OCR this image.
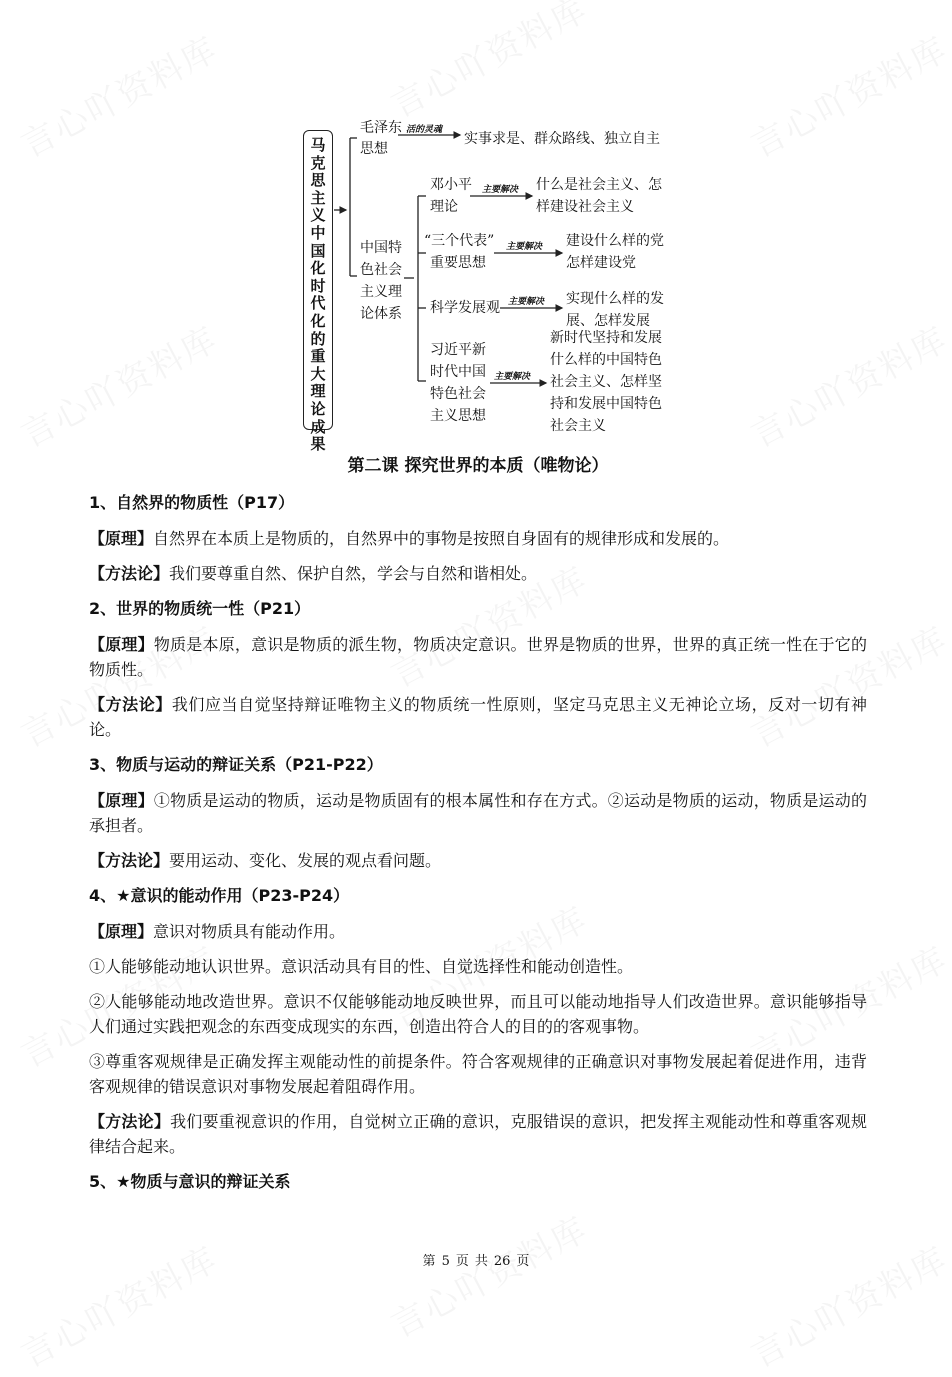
马克思主义中国化时代化的重大理论成果
毛泽东
思想
活的灵魂
实事求是、群众路线、独立自主
中国特
色社会
主义理
论体系
邓小平
理论
主要解决 什么是社会主义、怎
样建设社会主义
“三个代表”
重要思想
主要解决 建设什么样的党
怎样建设党
科学发展观 主要解决 实现什么样的发
展、怎样发展
习近平新
时代中国
特色社会
主义思想
主要解决
新时代坚持和发展
什么样的中国特色
社会主义、怎样坚
持和发展中国特色
社会主义
第二课 探究世界的本质（唯物论）
1、自然界的物质性（P17）

【原理】自然界在本质上是物质的，自然界中的事物是按照自身固有的规律形成和发展的。

【方法论】我们要尊重自然、保护自然，学会与自然和谐相处。

2、世界的物质统一性（P21）

【原理】物质是本原，意识是物质的派生物，物质决定意识。世界是物质的世界，世界的真正统一性在于它的物质性。

【方法论】我们应当自觉坚持辩证唯物主义的物质统一性原则，坚定马克思主义无神论立场，反对一切有神论。

3、物质与运动的辩证关系（P21-P22）

【原理】①物质是运动的物质，运动是物质固有的根本属性和存在方式。②运动是物质的运动，物质是运动的承担者。

【方法论】要用运动、变化、发展的观点看问题。

4、★意识的能动作用（P23-P24）

【原理】意识对物质具有能动作用。

①人能够能动地认识世界。意识活动具有目的性、自觉选择性和能动创造性。

②人能够能动地改造世界。意识不仅能够能动地反映世界，而且可以能动地指导人们改造世界。意识能够指导人们通过实践把观念的东西变成现实的东西，创造出符合人的目的的客观事物。

③尊重客观规律是正确发挥主观能动性的前提条件。符合客观规律的正确意识对事物发展起着促进作用，违背客观规律的错误意识对事物发展起着阻碍作用。

【方法论】我们要重视意识的作用，自觉树立正确的意识，克服错误的意识，把发挥主观能动性和尊重客观规律结合起来。

5、★物质与意识的辩证关系
第 5 页 共 26 页
